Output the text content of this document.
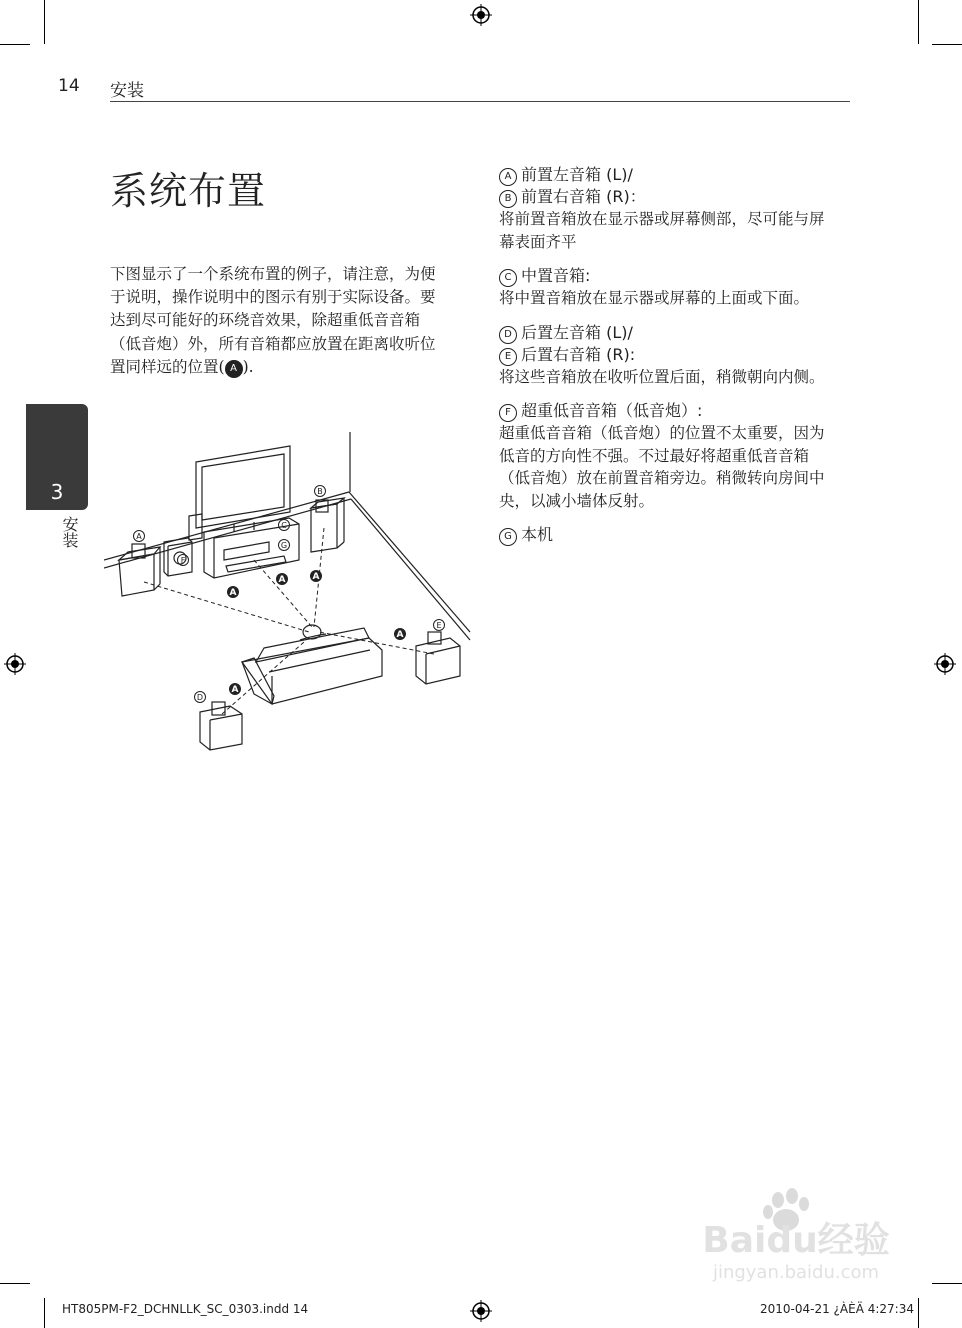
14 安装
系统布置
下图显示了一个系统布置的例子，请注意，为便于说明，操作说明中的图示有别于实际设备。要达到尽可能好的环绕音效果，除超重低音音箱（低音炮）外，所有音箱都应放置在距离收听位置同样远的位置( A ).
3
安装
A
A	A
A
A
A
B
C
G
F
D
E
A 前置左音箱 (L)/
B 前置右音箱 (R)：
将前置音箱放在显示器或屏幕侧部，尽可能与屏幕表面齐平
C 中置音箱:
将中置音箱放在显示器或屏幕的上面或下面。
D 后置左音箱 (L)/
E 后置右音箱 (R):
将这些音箱放在收听位置后面，稍微朝向内侧。
F 超重低音音箱（低音炮）:
超重低音音箱（低音炮）的位置不太重要，因为低音的方向性不强。不过最好将超重低音音箱（低音炮）放在前置音箱旁边。稍微转向房间中央，以减小墙体反射。
G 本机
Baidu经验
jingyan.baidu.com
HT805PM-F2_DCHNLLK_SC_0303.indd 14	2010-04-21 ¿ÀÈÄ 4:27:34
